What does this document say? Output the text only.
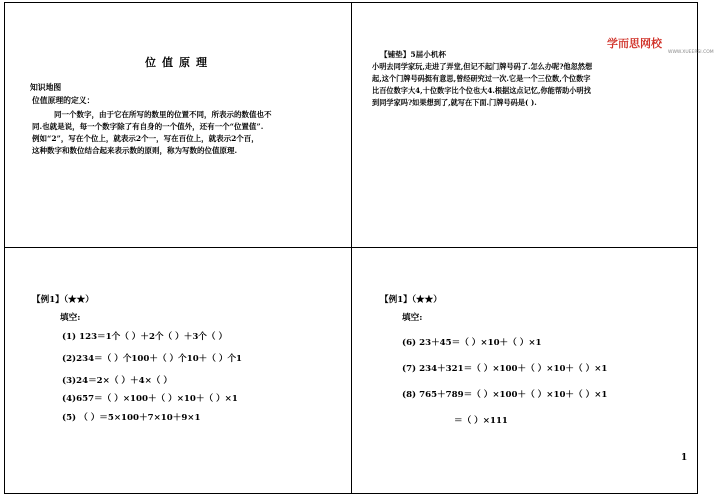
位值原理
知识地图
位值原理的定义：
同一个数字，由于它在所写的数里的位置不同，所表示的数值也不
同.也就是说，每一个数字除了有自身的一个值外，还有一个“位置值”.
例如“2”，写在个位上，就表示2个一，写在百位上，就表示2个百，
这种数字和数位结合起来表示数的原则，称为写数的位值原理.
学而思网校
WWW.XUEERSI.COM
【铺垫】5届小机杯
小明去同学家玩,走进了弄堂,但记不起门牌号码了.怎么办呢?他忽然想
起,这个门牌号码挺有意思,曾经研究过一次.它是一个三位数,个位数字
比百位数字大4,十位数字比个位也大4.根据这点记忆,你能帮助小明找
到同学家吗?如果想到了,就写在下面.门牌号码是( ).
【例1】（★★）
填空:
(1) 123＝1个（ ）＋2个（ ）＋3个（ ）
(2)234＝（ ）个100＋（ ）个10＋（ ）个1
(3)24＝2×（ ）＋4×（ ）
(4)657＝（ ）×100＋（ ）×10＋（ ）×1
(5) （ ）＝5×100＋7×10＋9×1
【例1】（★★）
填空:
(6) 23＋45＝（ ）×10＋（ ）×1
(7) 234＋321＝（ ）×100＋（ ）×10＋（ ）×1
(8) 765＋789＝（ ）×100＋（ ）×10＋（ ）×1
＝（ ）×111
1
